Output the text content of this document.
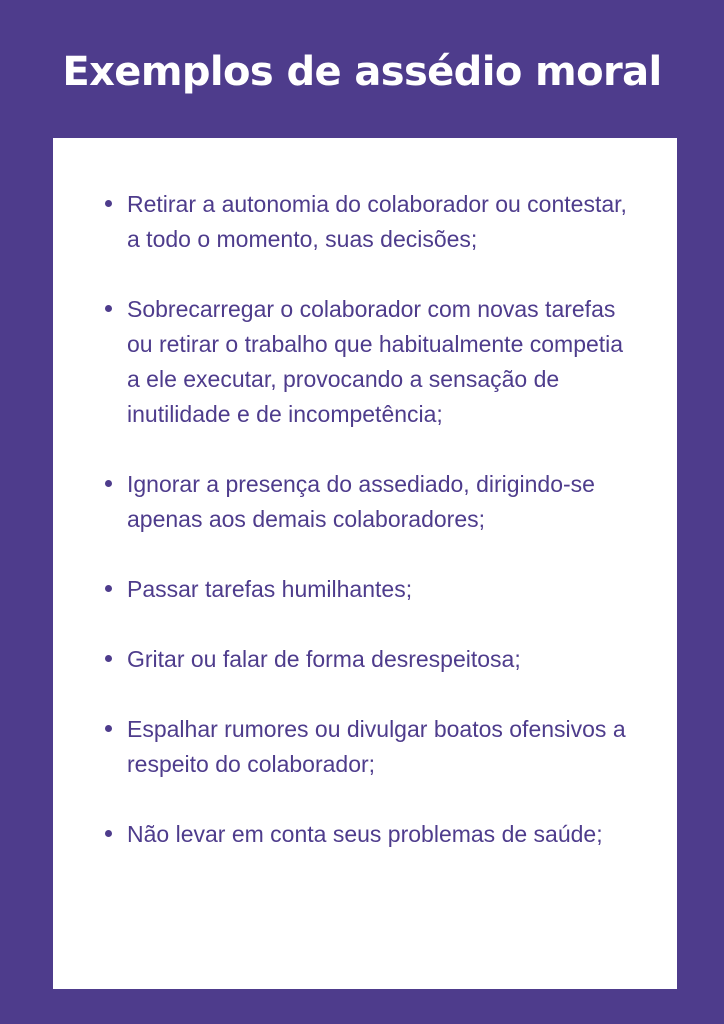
Exemplos de assédio moral
Retirar a autonomia do colaborador ou contestar, a todo o momento, suas decisões;
Sobrecarregar o colaborador com novas tarefas ou retirar o trabalho que habitualmente competia a ele executar, provocando a sensação de inutilidade e de incompetência;
Ignorar a presença do assediado, dirigindo-se apenas aos demais colaboradores;
Passar tarefas humilhantes;
Gritar ou falar de forma desrespeitosa;
Espalhar rumores ou divulgar boatos ofensivos a respeito do colaborador;
Não levar em conta seus problemas de saúde;
